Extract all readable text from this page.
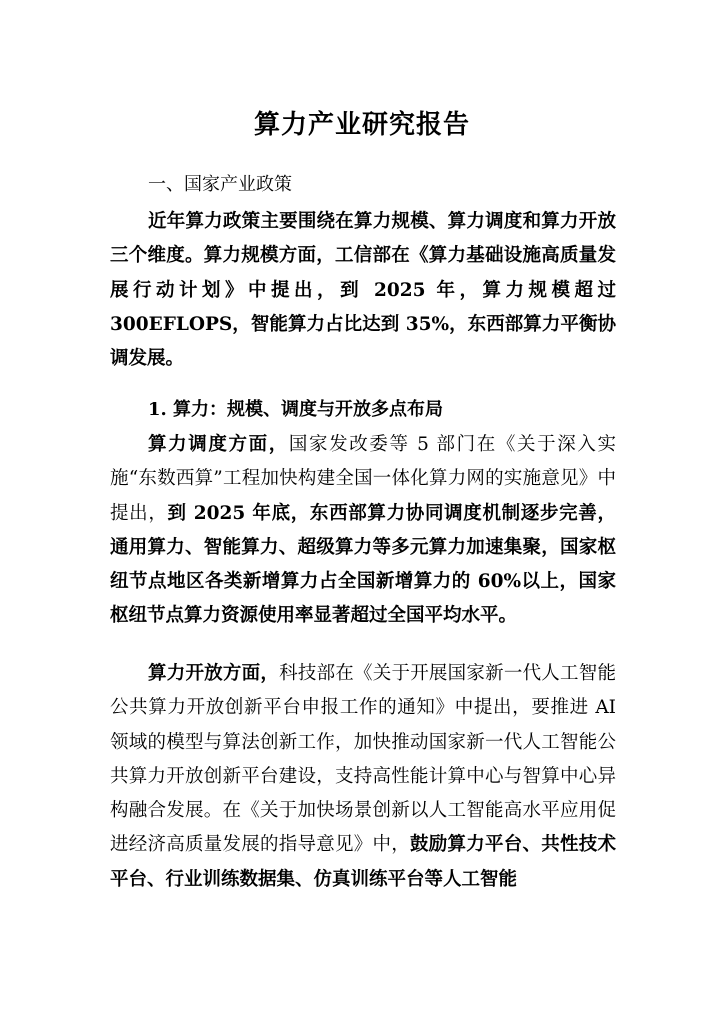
算力产业研究报告

一、国家产业政策

近年算力政策主要围绕在算力规模、算力调度和算力开放三个维度。算力规模方面，工信部在《算力基础设施高质量发展行动计划》中提出，到 2025 年，算力规模超过 300EFLOPS，智能算力占比达到 35%，东西部算力平衡协调发展。

1. 算力：规模、调度与开放多点布局

算力调度方面，国家发改委等 5 部门在《关于深入实施“东数西算”工程加快构建全国一体化算力网的实施意见》中提出，到 2025 年底，东西部算力协同调度机制逐步完善，通用算力、智能算力、超级算力等多元算力加速集聚，国家枢纽节点地区各类新增算力占全国新增算力的 60%以上，国家枢纽节点算力资源使用率显著超过全国平均水平。

算力开放方面，科技部在《关于开展国家新一代人工智能公共算力开放创新平台申报工作的通知》中提出，要推进 AI 领域的模型与算法创新工作，加快推动国家新一代人工智能公共算力开放创新平台建设，支持高性能计算中心与智算中心异构融合发展。在《关于加快场景创新以人工智能高水平应用促进经济高质量发展的指导意见》中，鼓励算力平台、共性技术平台、行业训练数据集、仿真训练平台等人工智能
